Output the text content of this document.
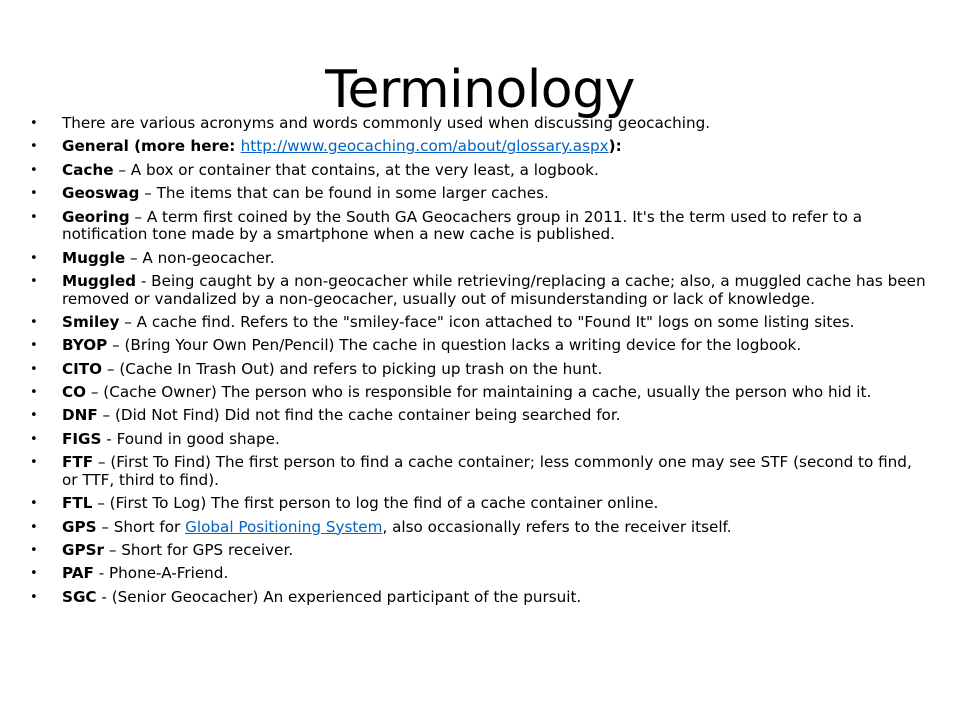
Terminology
• There are various acronyms and words commonly used when discussing geocaching.
• General (more here: http://www.geocaching.com/about/glossary.aspx):
• Cache – A box or container that contains, at the very least, a logbook.
• Geoswag – The items that can be found in some larger caches.
• Georing – A term first coined by the South GA Geocachers group in 2011. It's the term used to refer to a notification tone made by a smartphone when a new cache is published.
• Muggle – A non-geocacher.
• Muggled - Being caught by a non-geocacher while retrieving/replacing a cache; also, a muggled cache has been removed or vandalized by a non-geocacher, usually out of misunderstanding or lack of knowledge.
• Smiley – A cache find. Refers to the "smiley-face" icon attached to "Found It" logs on some listing sites.
• BYOP – (Bring Your Own Pen/Pencil) The cache in question lacks a writing device for the logbook.
• CITO – (Cache In Trash Out) and refers to picking up trash on the hunt.
• CO – (Cache Owner) The person who is responsible for maintaining a cache, usually the person who hid it.
• DNF – (Did Not Find) Did not find the cache container being searched for.
• FIGS - Found in good shape.
• FTF – (First To Find) The first person to find a cache container; less commonly one may see STF (second to find, or TTF, third to find).
• FTL – (First To Log) The first person to log the find of a cache container online.
• GPS – Short for Global Positioning System, also occasionally refers to the receiver itself.
• GPSr – Short for GPS receiver.
• PAF - Phone-A-Friend.
• SGC - (Senior Geocacher) An experienced participant of the pursuit.
